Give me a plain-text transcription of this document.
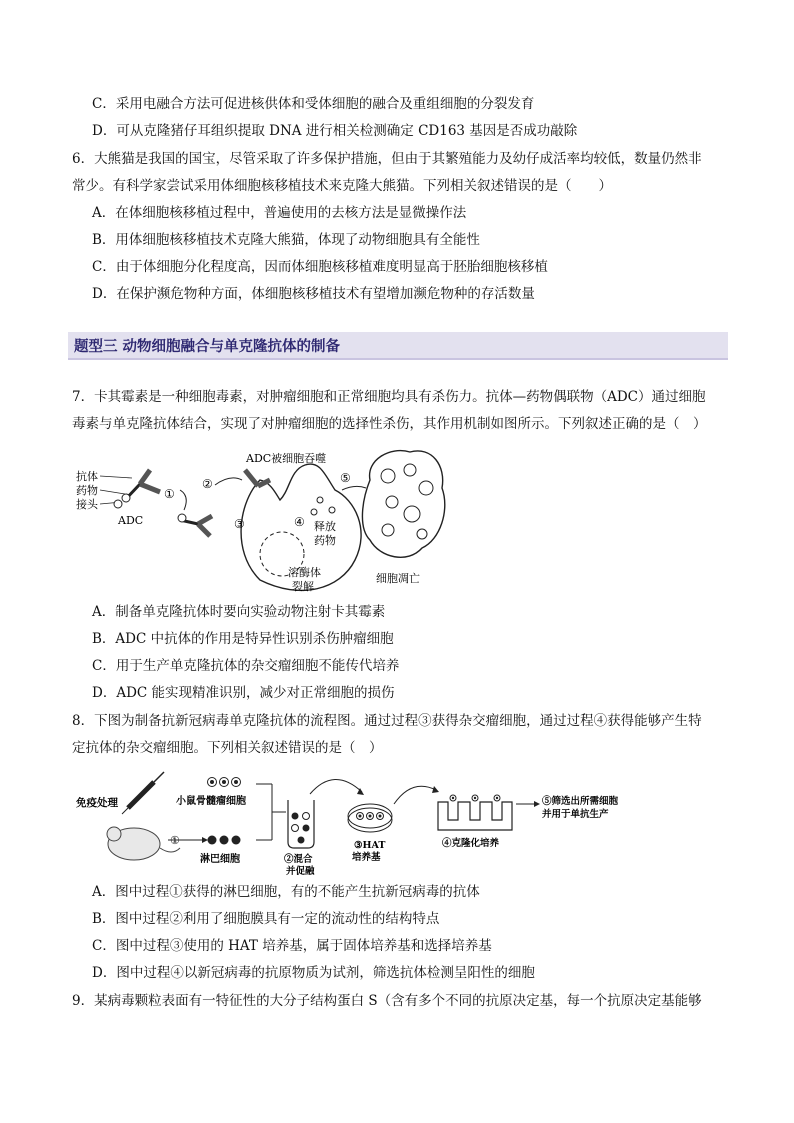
C．采用电融合方法可促进核供体和受体细胞的融合及重组细胞的分裂发育
D．可从克隆猪仔耳组织提取 DNA 进行相关检测确定 CD163 基因是否成功敲除
6．大熊猫是我国的国宝，尽管采取了许多保护措施，但由于其繁殖能力及幼仔成活率均较低，数量仍然非
常少。有科学家尝试采用体细胞核移植技术来克隆大熊猫。下列相关叙述错误的是（　　）
A．在体细胞核移植过程中，普遍使用的去核方法是显微操作法
B．用体细胞核移植技术克隆大熊猫，体现了动物细胞具有全能性
C．由于体细胞分化程度高，因而体细胞核移植难度明显高于胚胎细胞核移植
D．在保护濒危物种方面，体细胞核移植技术有望增加濒危物种的存活数量
题型三 动物细胞融合与单克隆抗体的制备
7．卡其霉素是一种细胞毒素，对肿瘤细胞和正常细胞均具有杀伤力。抗体—药物偶联物（ADC）通过细胞
毒素与单克隆抗体结合，实现了对肿瘤细胞的选择性杀伤，其作用机制如图所示。下列叙述正确的是（　）
抗体
药物
接头
ADC
①
②
ADC被细胞吞噬
③
溶酶体
裂解
④ 释放
药物
⑤
细胞凋亡
A．制备单克隆抗体时要向实验动物注射卡其霉素
B．ADC 中抗体的作用是特异性识别杀伤肿瘤细胞
C．用于生产单克隆抗体的杂交瘤细胞不能传代培养
D．ADC 能实现精准识别，减少对正常细胞的损伤
8．下图为制备抗新冠病毒单克隆抗体的流程图。通过过程③获得杂交瘤细胞，通过过程④获得能够产生特
定抗体的杂交瘤细胞。下列相关叙述错误的是（　）
免疫处理
①
小鼠骨髓瘤细胞
淋巴细胞	②混合
并促融
③HAT
培养基
④克隆化培养
⑤筛选出所需细胞
并用于单抗生产
A．图中过程①获得的淋巴细胞，有的不能产生抗新冠病毒的抗体
B．图中过程②利用了细胞膜具有一定的流动性的结构特点
C．图中过程③使用的 HAT 培养基，属于固体培养基和选择培养基
D．图中过程④以新冠病毒的抗原物质为试剂，筛选抗体检测呈阳性的细胞
9．某病毒颗粒表面有一特征性的大分子结构蛋白 S（含有多个不同的抗原决定基，每一个抗原决定基能够
